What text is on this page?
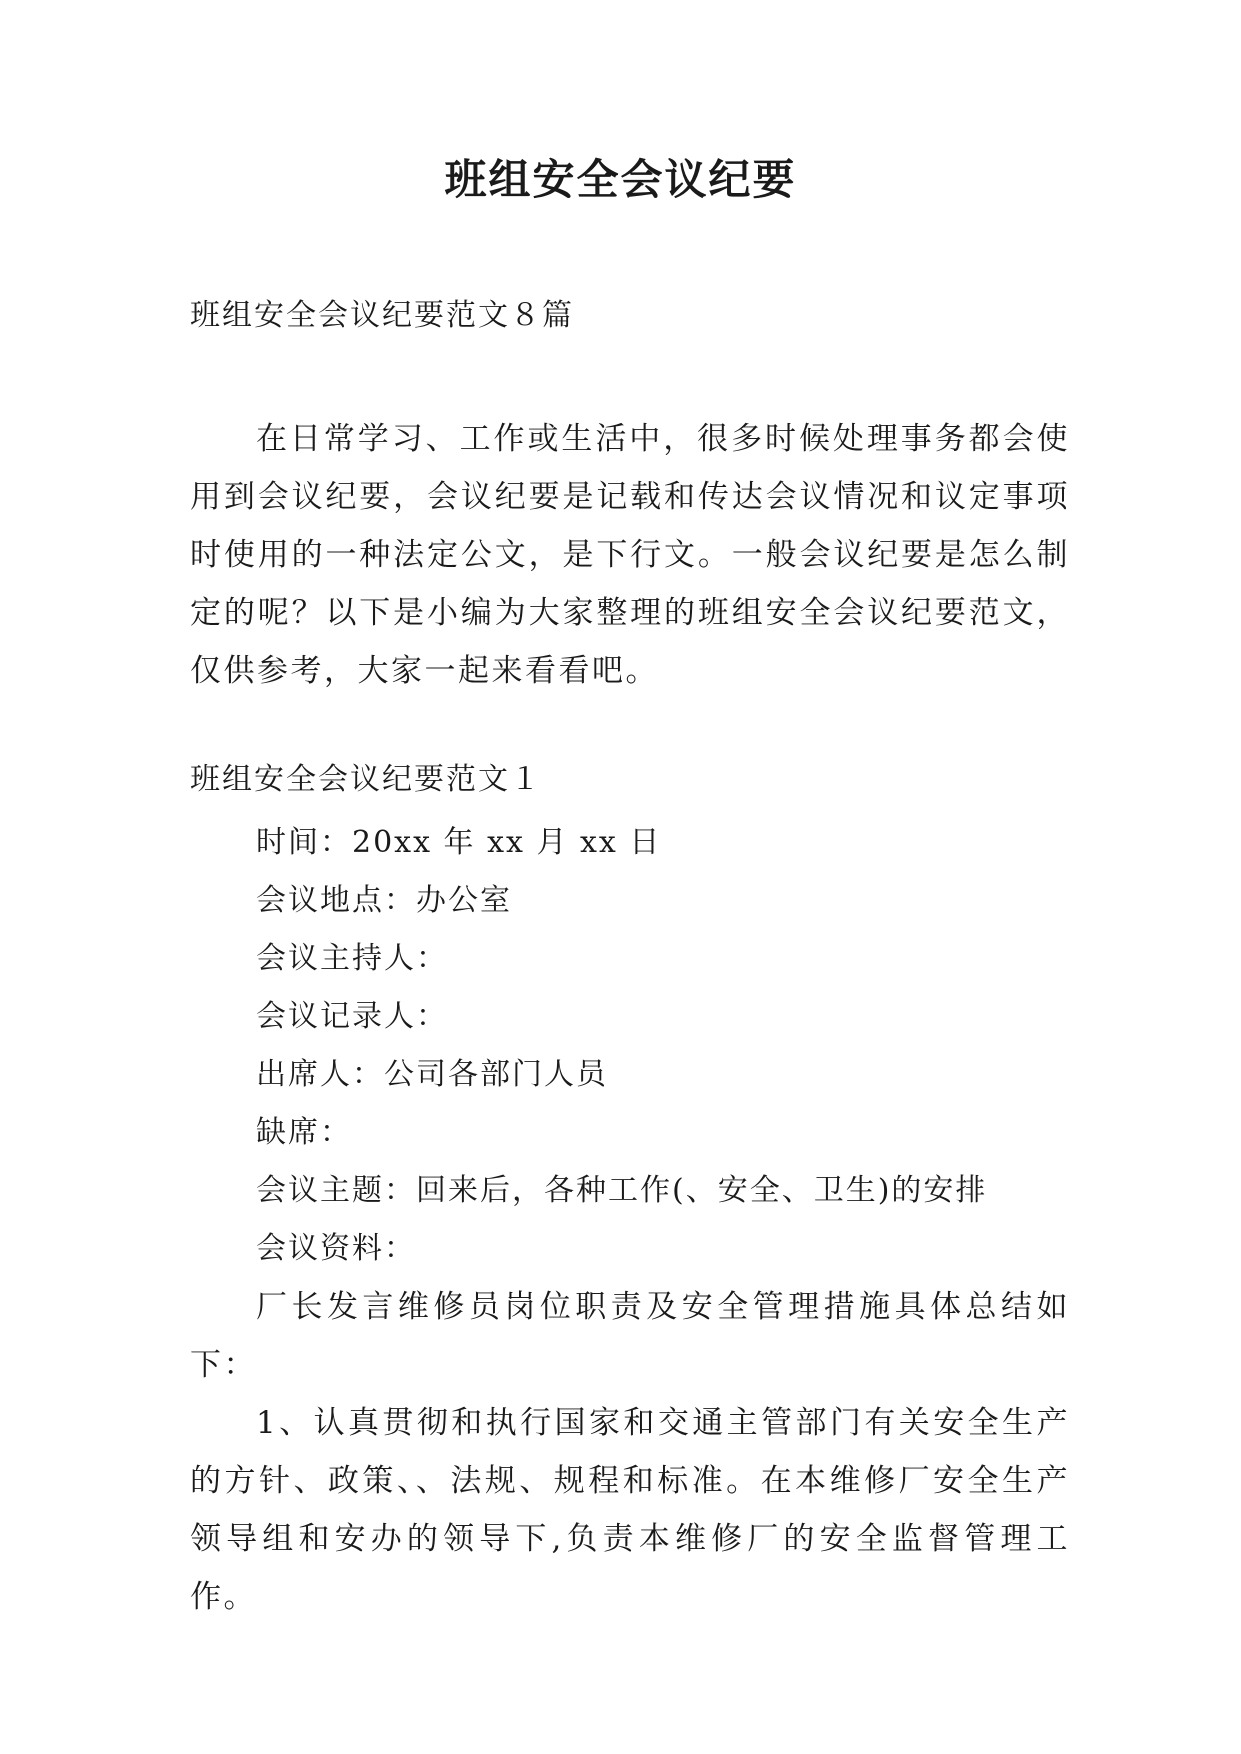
班组安全会议纪要

班组安全会议纪要范文８篇

在日常学习、工作或生活中，很多时候处理事务都会使用到会议纪要，会议纪要是记载和传达会议情况和议定事项时使用的一种法定公文，是下行文。一般会议纪要是怎么制定的呢？以下是小编为大家整理的班组安全会议纪要范文，仅供参考，大家一起来看看吧。

班组安全会议纪要范文１

时间：20xx 年 xx 月 xx 日
会议地点：办公室
会议主持人：
会议记录人：
出席人：公司各部门人员
缺席：
会议主题：回来后，各种工作(、安全、卫生)的安排
会议资料：

厂长发言维修员岗位职责及安全管理措施具体总结如下：

1、认真贯彻和执行国家和交通主管部门有关安全生产的方针、政策、、法规、规程和标准。在本维修厂安全生产领导组和安办的领导下,负责本维修厂的安全监督管理工作。
